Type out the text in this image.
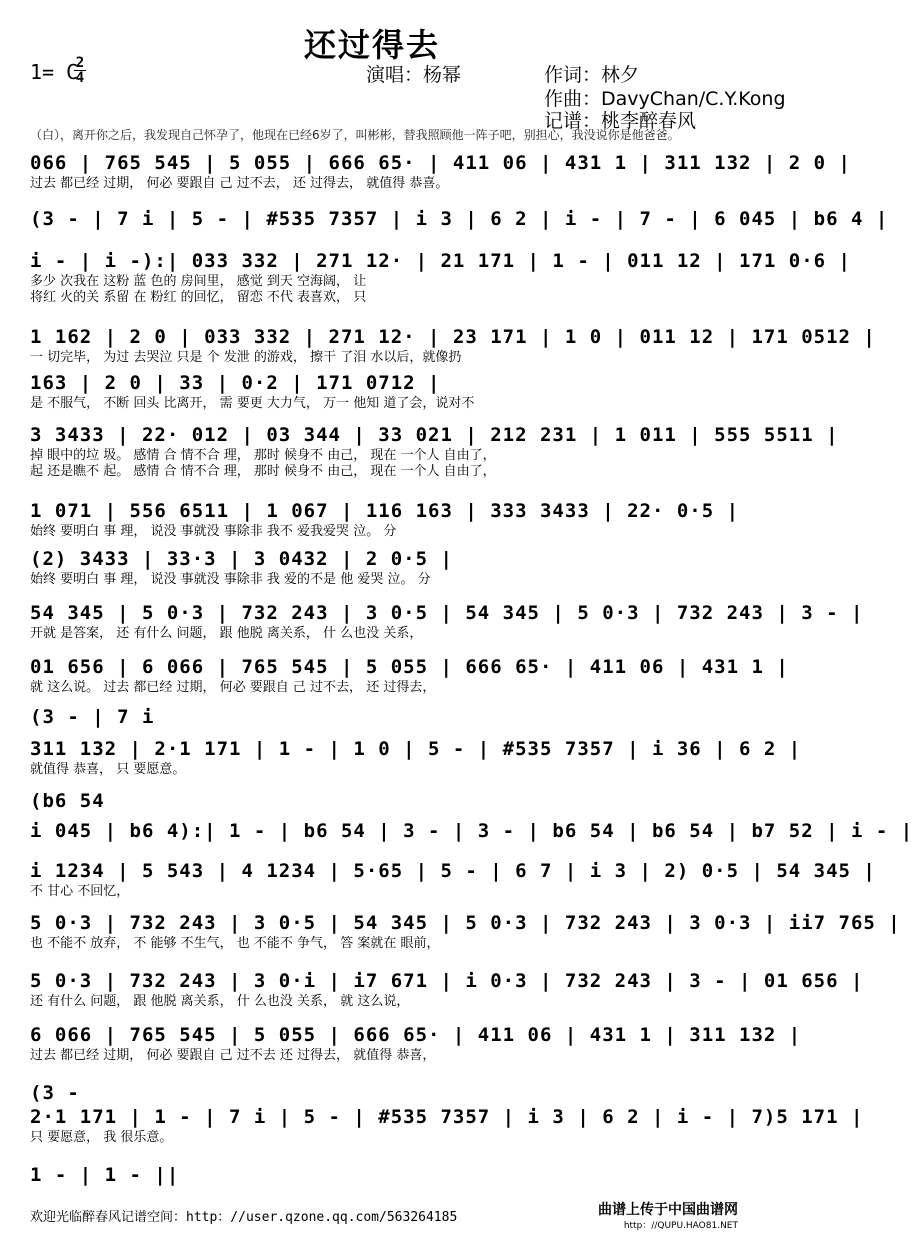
还过得去
1= C
2
4	演唱：杨幂	作词：林夕
作曲：DavyChan/C.Y.Kong
记谱：桃李醉春风
（白），离开你之后，我发现自己怀孕了，他现在已经6岁了，叫彬彬，替我照顾他一阵子吧，别担心，我没说你是他爸爸。
066 | 765 545 | 5 055 | 666 65· | 411 06 | 431 1 | 311 132 | 2 0 |
过去 都已经 过期， 何必 要跟自 己 过不去， 还 过得去， 就值得 恭喜。
(3 - | 7 i | 5 - | #535 7357 | i 3 | 6 2 | i - | 7 - | 6 045 | b6 4 |
i - | i -):| 033 332 | 271 12· | 21 171 | 1 - | 011 12 | 171 0·6 |
多少 次我在 这粉 蓝 色的 房间里， 感觉 到天 空海阔， 让
将红 火的关 系留 在 粉红 的回忆， 留恋 不代 表喜欢， 只
1 162 | 2 0 | 033 332 | 271 12· | 23 171 | 1 0 | 011 12 | 171 0512 |
一 切完毕， 为过 去哭泣 只是 个 发泄 的游戏， 擦干 了泪 水以后，就像扔
163 | 2 0 | 33 | 0·2 | 171 0712 |
是 不服气， 不断 回头 比离开， 需 要更 大力气， 万一 他知 道了会，说对不
3 3433 | 22· 012 | 03 344 | 33 021 | 212 231 | 1 011 | 555 5511 |
掉 眼中的垃 圾。 感情 合 情不合 理， 那时 候身不 由己， 现在 一个人 自由了，
起 还是瞧不 起。 感情 合 情不合 理， 那时 候身不 由己， 现在 一个人 自由了，
1 071 | 556 6511 | 1 067 | 116 163 | 333 3433 | 22· 0·5 |
始终 要明白 事 理， 说没 事就没 事除非 我不 爱我爱哭 泣。 分
(2) 3433 | 33·3 | 3 0432 | 2 0·5 |
始终 要明白 事 理， 说没 事就没 事除非 我 爱的不是 他 爱哭 泣。 分
54 345 | 5 0·3 | 732 243 | 3 0·5 | 54 345 | 5 0·3 | 732 243 | 3 - |
开就 是答案， 还 有什么 问题， 跟 他脱 离关系， 什 么也没 关系，
01 656 | 6 066 | 765 545 | 5 055 | 666 65· | 411 06 | 431 1 |
就 这么说。 过去 都已经 过期， 何必 要跟自 己 过不去， 还 过得去，
(3 - | 7 i
311 132 | 2·1 171 | 1 - | 1 0 | 5 - | #535 7357 | i 36 | 6 2 |
就值得 恭喜， 只 要愿意。
(b6 54
i 045 | b6 4):| 1 - | b6 54 | 3 - | 3 - | b6 54 | b6 54 | b7 52 | i - |
i 1234 | 5 543 | 4 1234 | 5·65 | 5 - | 6 7 | i 3 | 2) 0·5 | 54 345 |
不 甘心 不回忆，
5 0·3 | 732 243 | 3 0·5 | 54 345 | 5 0·3 | 732 243 | 3 0·3 | ii7 765 |
也 不能不 放弃， 不 能够 不生气， 也 不能不 争气， 答 案就在 眼前，
5 0·3 | 732 243 | 3 0·i | i7 671 | i 0·3 | 732 243 | 3 - | 01 656 |
还 有什么 问题， 跟 他脱 离关系， 什 么也没 关系， 就 这么说，
6 066 | 765 545 | 5 055 | 666 65· | 411 06 | 431 1 | 311 132 |
过去 都已经 过期， 何必 要跟自 己 过不去 还 过得去， 就值得 恭喜，
(3 -
2·1 171 | 1 - | 7 i | 5 - | #535 7357 | i 3 | 6 2 | i - | 7)5 171 |
只 要愿意， 我 很乐意。
1 - | 1 - ||
欢迎光临醉春风记谱空间：http：//user.qzone.qq.com/563264185	曲谱上传于中国曲谱网
http：//QUPU.HAO81.NET
